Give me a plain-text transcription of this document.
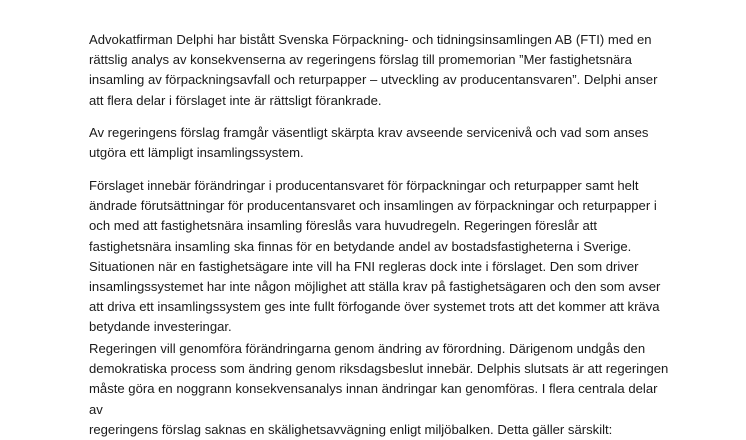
Advokatfirman Delphi har bistått Svenska Förpackning- och tidningsinsamlingen AB (FTI) med en
rättslig analys av konsekvenserna av regeringens förslag till promemorian ”Mer fastighetsnära
insamling av förpackningsavfall och returpapper – utveckling av producentansvaren”. Delphi anser
att flera delar i förslaget inte är rättsligt förankrade.

Av regeringens förslag framgår väsentligt skärpta krav avseende servicenivå och vad som anses
utgöra ett lämpligt insamlingssystem.

Förslaget innebär förändringar i producentansvaret för förpackningar och returpapper samt helt
ändrade förutsättningar för producentansvaret och insamlingen av förpackningar och returpapper i
och med att fastighetsnära insamling föreslås vara huvudregeln. Regeringen föreslår att
fastighetsnära insamling ska finnas för en betydande andel av bostadsfastigheterna i Sverige.
Situationen när en fastighetsägare inte vill ha FNI regleras dock inte i förslaget. Den som driver
insamlingssystemet har inte någon möjlighet att ställa krav på fastighetsägaren och den som avser
att driva ett insamlingssystem ges inte fullt förfogande över systemet trots att det kommer att kräva
betydande investeringar.

Regeringen vill genomföra förändringarna genom ändring av förordning. Därigenom undgås den
demokratiska process som ändring genom riksdagsbeslut innebär. Delphis slutsats är att regeringen
måste göra en noggrann konsekvensanalys innan ändringar kan genomföras. I flera centrala delar av
regeringens förslag saknas en skälighetsavvägning enligt miljöbalken. Detta gäller särskilt:
